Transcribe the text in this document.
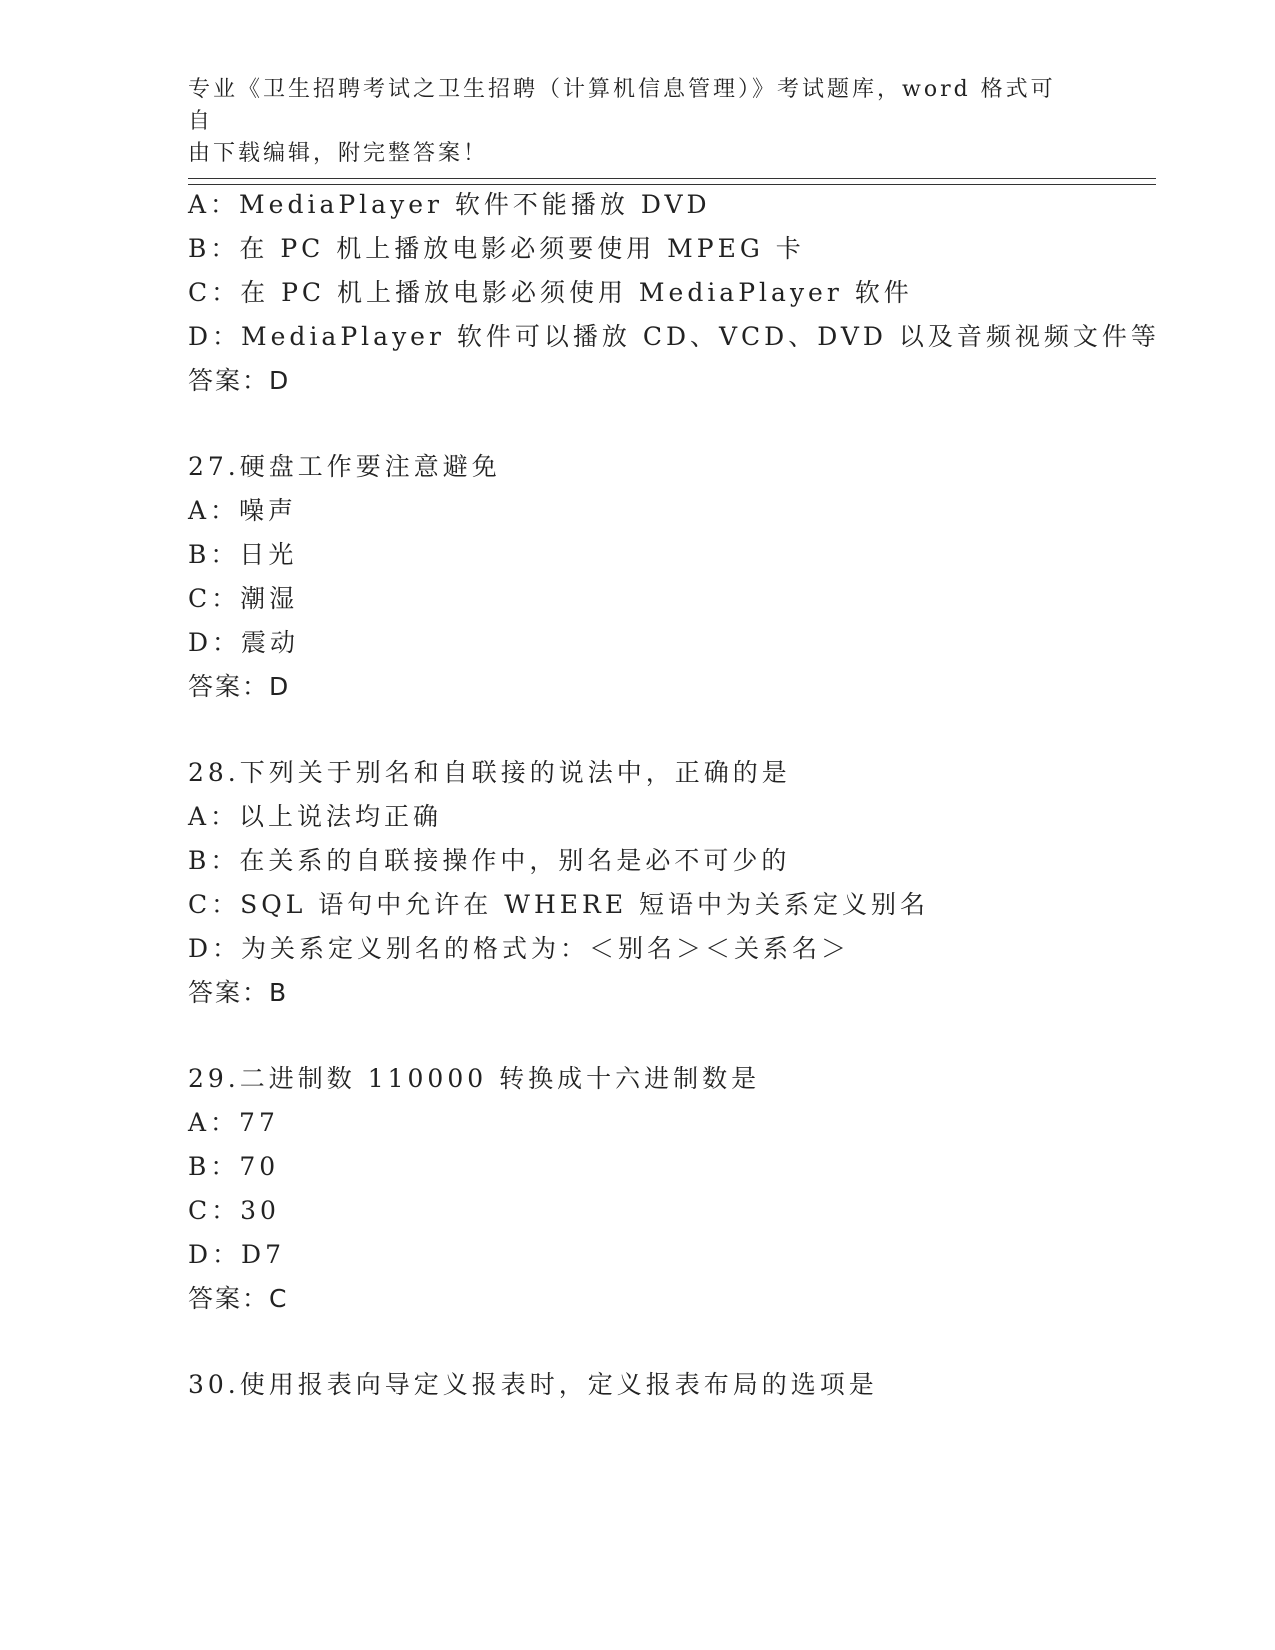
专业《卫生招聘考试之卫生招聘（计算机信息管理）》考试题库，word 格式可自
由下载编辑，附完整答案！
A：MediaPlayer 软件不能播放 DVD
B：在 PC 机上播放电影必须要使用 MPEG 卡
C：在 PC 机上播放电影必须使用 MediaPlayer 软件
D：MediaPlayer 软件可以播放 CD、VCD、DVD 以及音频视频文件等
答案：D
27.硬盘工作要注意避免
A：噪声
B：日光
C：潮湿
D：震动
答案：D
28.下列关于别名和自联接的说法中，正确的是
A：以上说法均正确
B：在关系的自联接操作中，别名是必不可少的
C：SQL 语句中允许在 WHERE 短语中为关系定义别名
D：为关系定义别名的格式为：＜别名＞＜关系名＞
答案：B
29.二进制数 110000 转换成十六进制数是
A：77
B：70
C：30
D：D7
答案：C
30.使用报表向导定义报表时，定义报表布局的选项是
